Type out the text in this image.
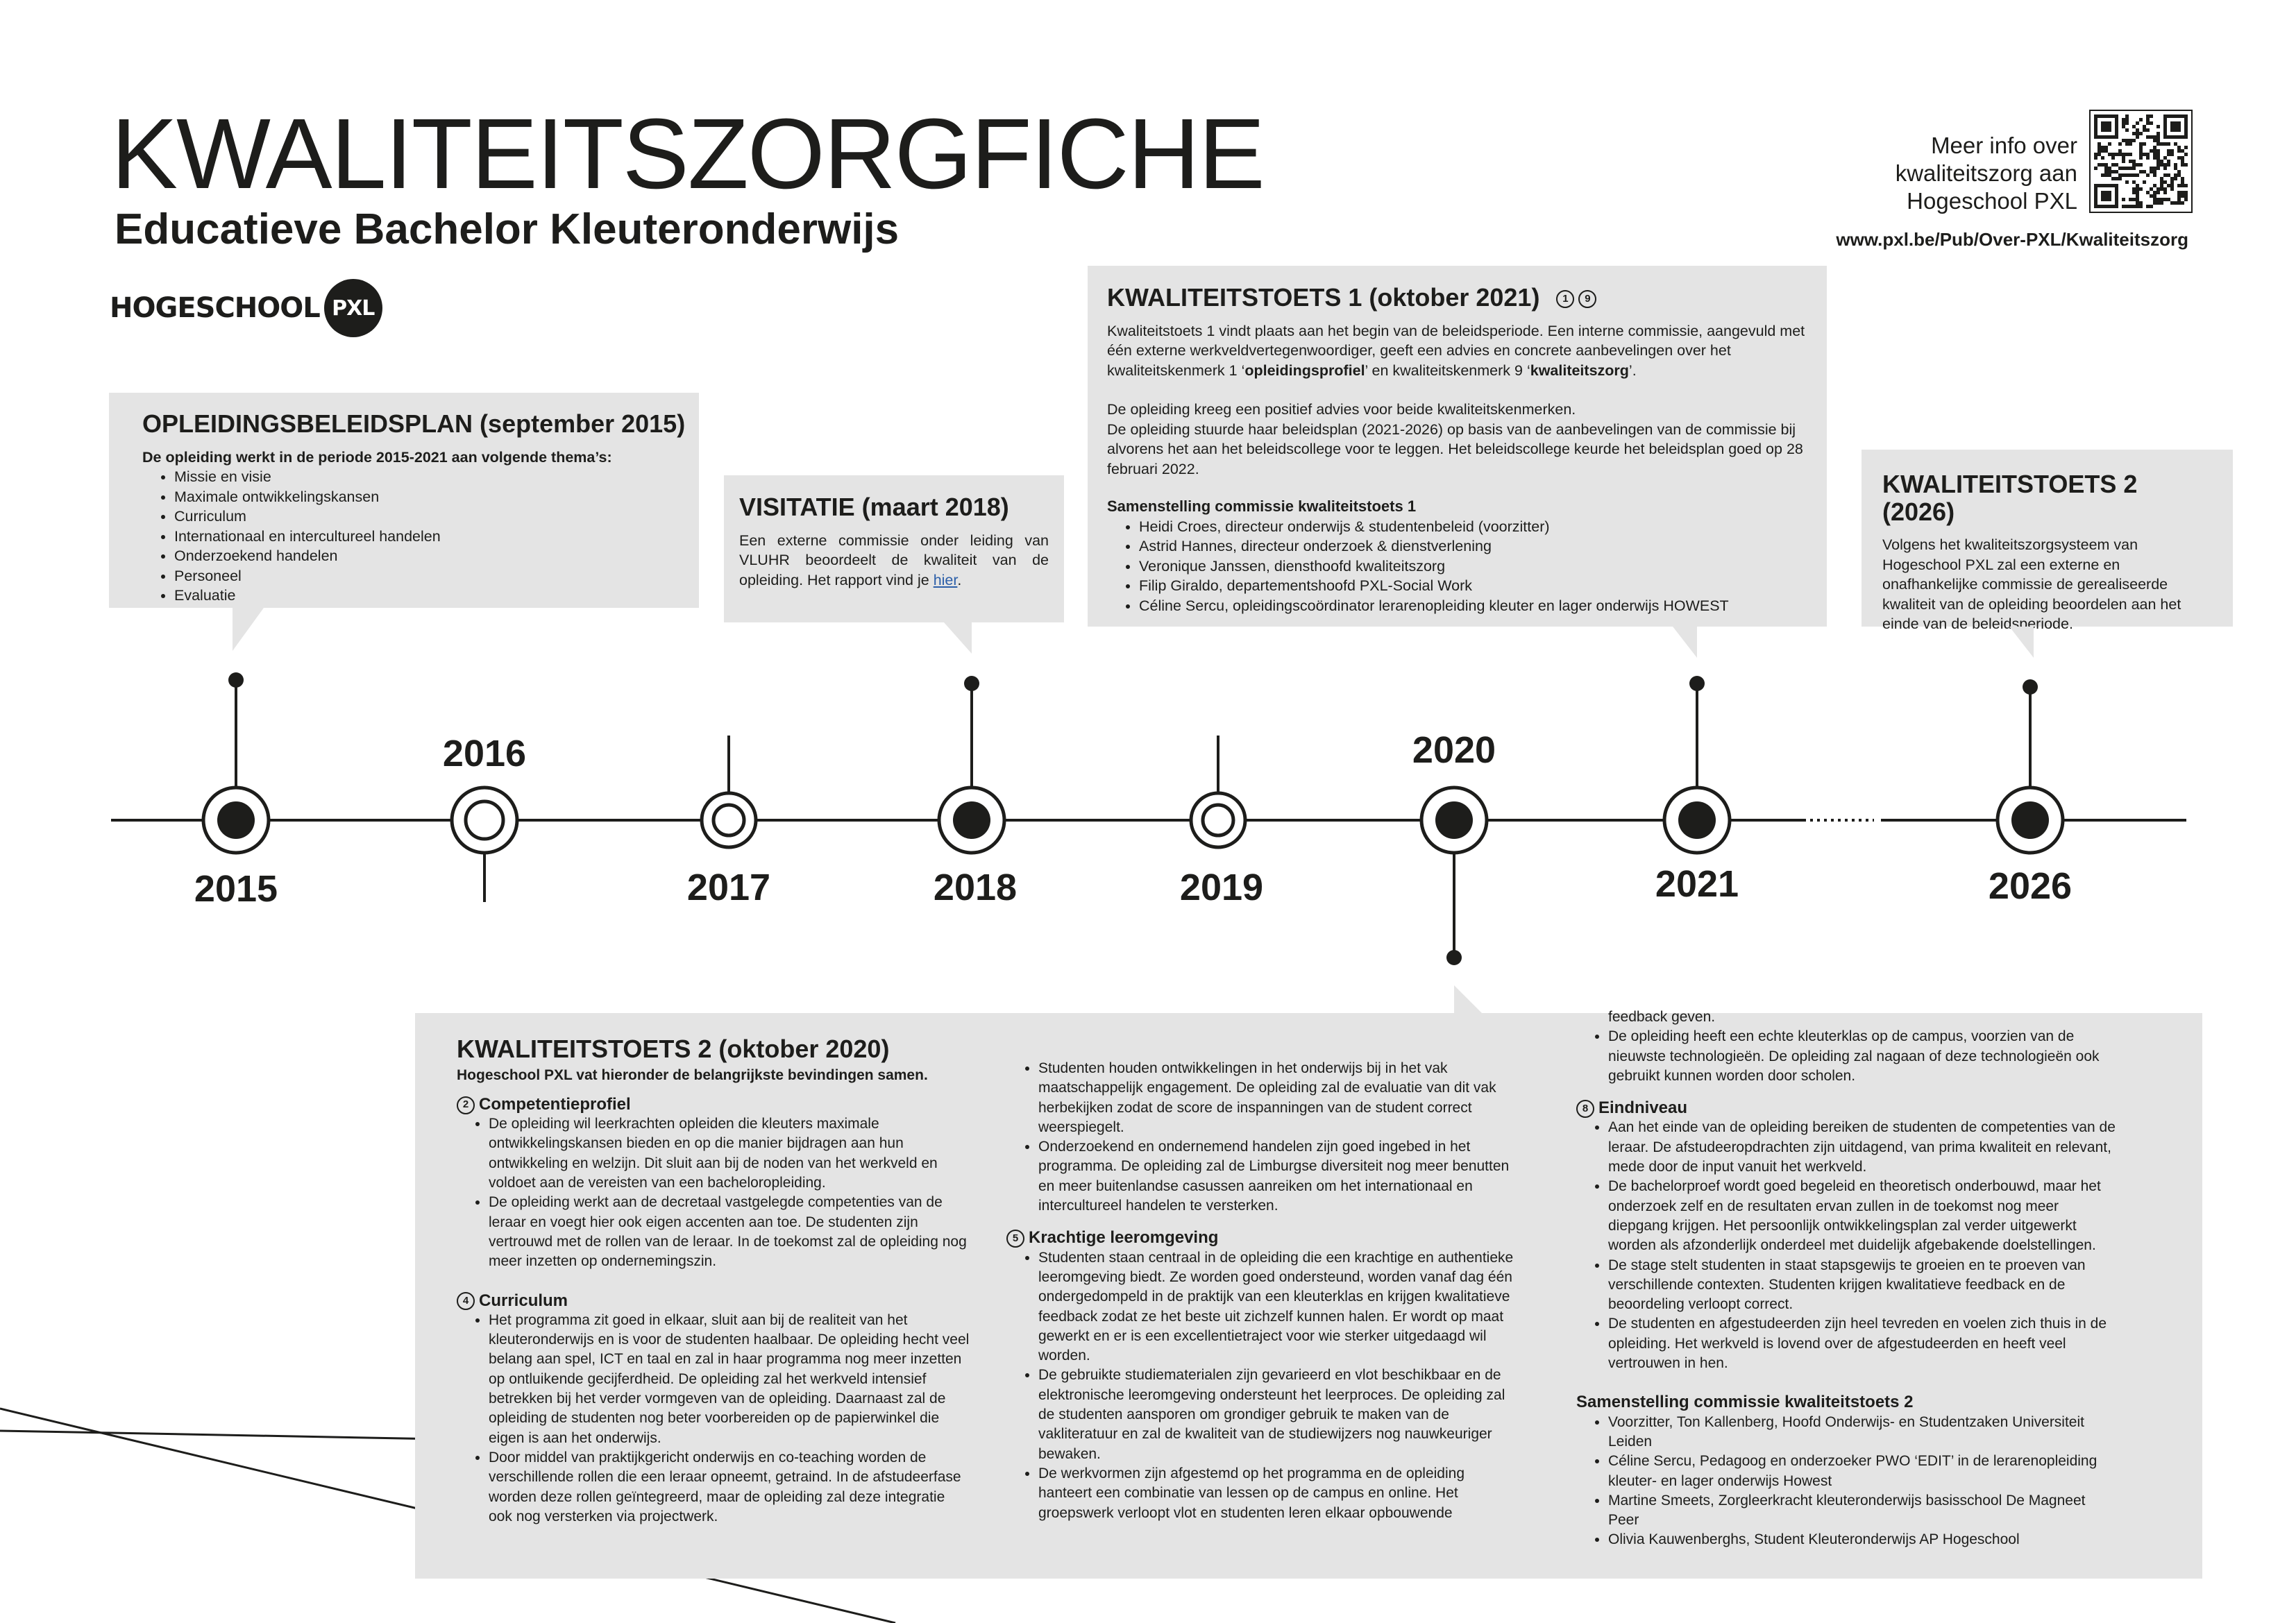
KWALITEITSZORGFICHE
Educatieve Bachelor Kleuteronderwijs
HOGESCHOOL PXL
Meer info over
kwaliteitszorg aan
Hogeschool PXL
www.pxl.be/Pub/Over-PXL/Kwaliteitszorg
2015
2016
2017	2018	2019
2020
2021	2026
OPLEIDINGSBELEIDSPLAN (september 2015)

De opleiding werkt in de periode 2015-2021 aan volgende thema’s:

• Missie en visie
• Maximale ontwikkelingskansen
• Curriculum
• Internationaal en intercultureel handelen
• Onderzoekend handelen
• Personeel
• Evaluatie
VISITATIE (maart 2018)

Een externe commissie onder leiding van VLUHR beoordeelt de kwaliteit van de opleiding. Het rapport vind je hier.

KWALITEITSTOETS 1 (oktober 2021) 1 9

Kwaliteitstoets 1 vindt plaats aan het begin van de beleidsperiode. Een interne commissie, aangevuld met één externe werkveldvertegenwoordiger, geeft een advies en concrete aanbevelingen over het kwaliteitskenmerk 1 ‘opleidingsprofiel’ en kwaliteitskenmerk 9 ‘kwaliteitszorg’.

De opleiding kreeg een positief advies voor beide kwaliteitskenmerken.

De opleiding stuurde haar beleidsplan (2021-2026) op basis van de aanbevelingen van de commissie bij alvorens het aan het beleidscollege voor te leggen. Het beleidscollege keurde het beleidsplan goed op 28 februari 2022.

Samenstelling commissie kwaliteitstoets 1

• Heidi Croes, directeur onderwijs & studentenbeleid (voorzitter)
• Astrid Hannes, directeur onderzoek & dienstverlening
• Veronique Janssen, diensthoofd kwaliteitszorg
• Filip Giraldo, departementshoofd PXL-Social Work
• Céline Sercu, opleidingscoördinator lerarenopleiding kleuter en lager onderwijs HOWEST
KWALITEITSTOETS 2 (2026)

Volgens het kwaliteitszorgsysteem van Hogeschool PXL zal een externe en onafhankelijke commissie de gerealiseerde kwaliteit van de opleiding beoordelen aan het einde van de beleidsperiode.

KWALITEITSTOETS 2 (oktober 2020)

Hogeschool PXL vat hieronder de belangrijkste bevindingen samen.

2 Competentieprofiel

• De opleiding wil leerkrachten opleiden die kleuters maximale ontwikkelingskansen bieden en op die manier bijdragen aan hun ontwikkeling en welzijn. Dit sluit aan bij de noden van het werkveld en voldoet aan de vereisten van een bacheloropleiding.
• De opleiding werkt aan de decretaal vastgelegde competenties van de leraar en voegt hier ook eigen accenten aan toe. De studenten zijn vertrouwd met de rollen van de leraar. In de toekomst zal de opleiding nog meer inzetten op ondernemingszin.

4 Curriculum

• Het programma zit goed in elkaar, sluit aan bij de realiteit van het kleuteronderwijs en is voor de studenten haalbaar. De opleiding hecht veel belang aan spel, ICT en taal en zal in haar programma nog meer inzetten op ontluikende gecijferdheid. De opleiding zal het werkveld intensief betrekken bij het verder vormgeven van de opleiding. Daarnaast zal de opleiding de studenten nog beter voorbereiden op de papierwinkel die eigen is aan het onderwijs.
• Door middel van praktijkgericht onderwijs en co-teaching worden de verschillende rollen die een leraar opneemt, getraind. In de afstudeerfase worden deze rollen geïntegreerd, maar de opleiding zal deze integratie ook nog versterken via projectwerk.
• Studenten houden ontwikkelingen in het onderwijs bij in het vak maatschappelijk engagement. De opleiding zal de evaluatie van dit vak herbekijken zodat de score de inspanningen van de student correct weerspiegelt.
• Onderzoekend en ondernemend handelen zijn goed ingebed in het programma. De opleiding zal de Limburgse diversiteit nog meer benutten en meer buitenlandse casussen aanreiken om het internationaal en intercultureel handelen te versterken.

5 Krachtige leeromgeving

• Studenten staan centraal in de opleiding die een krachtige en authentieke leeromgeving biedt. Ze worden goed ondersteund, worden vanaf dag één ondergedompeld in de praktijk van een kleuterklas en krijgen kwalitatieve feedback zodat ze het beste uit zichzelf kunnen halen. Er wordt op maat gewerkt en er is een excellentietraject voor wie sterker uitgedaagd wil worden.
• De gebruikte studiematerialen zijn gevarieerd en vlot beschikbaar en de elektronische leeromgeving ondersteunt het leerproces. De opleiding zal de studenten aansporen om grondiger gebruik te maken van de vakliteratuur en zal de kwaliteit van de studiewijzers nog nauwkeuriger bewaken.
• De werkvormen zijn afgestemd op het programma en de opleiding hanteert een combinatie van lessen op de campus en online. Het groepswerk verloopt vlot en studenten leren elkaar opbouwende

feedback geven.

• De opleiding heeft een echte kleuterklas op de campus, voorzien van de nieuwste technologieën. De opleiding zal nagaan of deze technologieën ook gebruikt kunnen worden door scholen.

8 Eindniveau

• Aan het einde van de opleiding bereiken de studenten de competenties van de leraar. De afstudeeropdrachten zijn uitdagend, van prima kwaliteit en relevant, mede door de input vanuit het werkveld.
• De bachelorproef wordt goed begeleid en theoretisch onderbouwd, maar het onderzoek zelf en de resultaten ervan zullen in de toekomst nog meer diepgang krijgen. Het persoonlijk ontwikkelingsplan zal verder uitgewerkt worden als afzonderlijk onderdeel met duidelijk afgebakende doelstellingen.
• De stage stelt studenten in staat stapsgewijs te groeien en te proeven van verschillende contexten. Studenten krijgen kwalitatieve feedback en de beoordeling verloopt correct.
• De studenten en afgestudeerden zijn heel tevreden en voelen zich thuis in de opleiding. Het werkveld is lovend over de afgestudeerden en heeft veel vertrouwen in hen.

Samenstelling commissie kwaliteitstoets 2

• Voorzitter, Ton Kallenberg, Hoofd Onderwijs- en Studentzaken Universiteit Leiden
• Céline Sercu, Pedagoog en onderzoeker PWO ‘EDIT’ in de lerarenopleiding kleuter- en lager onderwijs Howest
• Martine Smeets, Zorgleerkracht kleuteronderwijs basisschool De Magneet Peer
• Olivia Kauwenberghs, Student Kleuteronderwijs AP Hogeschool
